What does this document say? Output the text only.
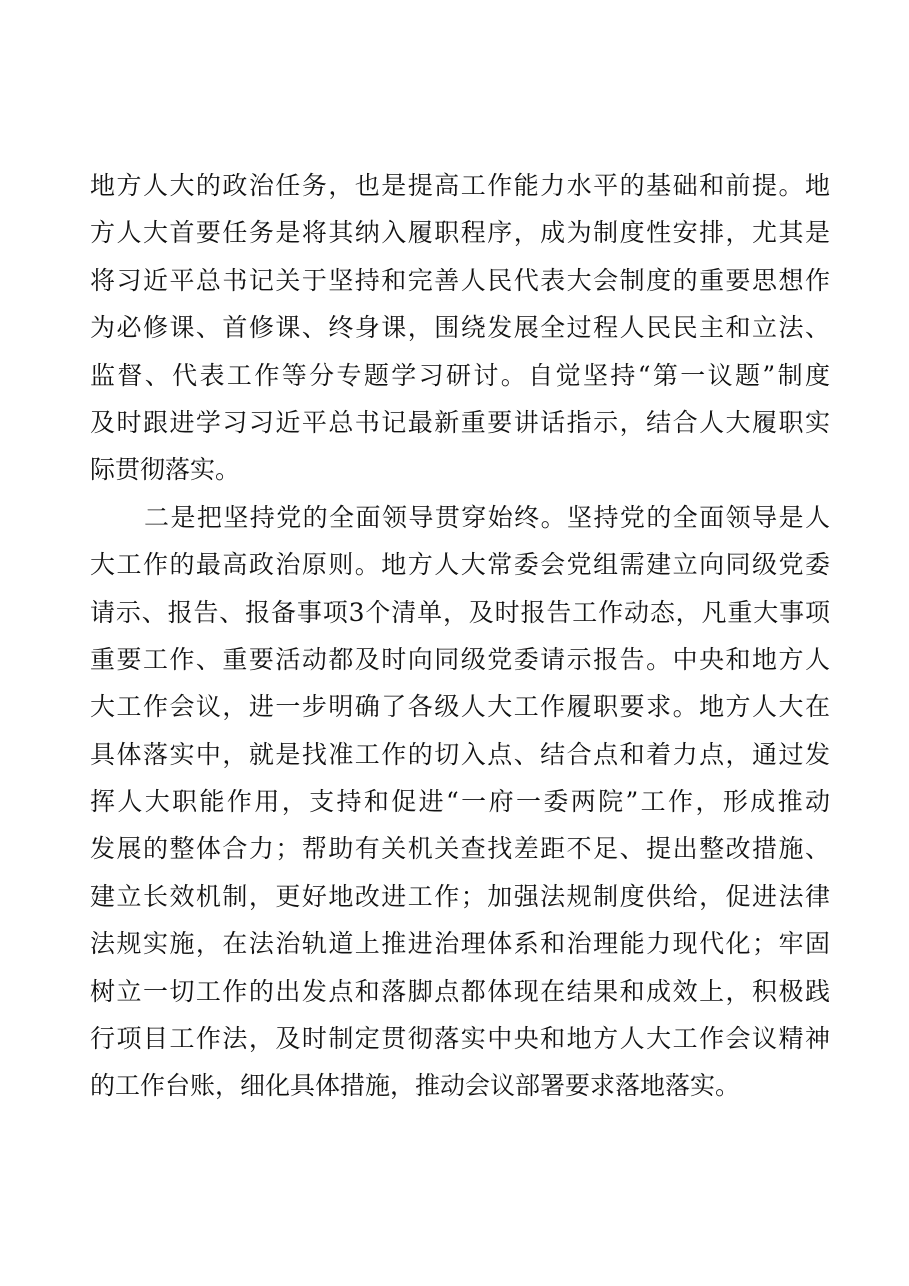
地方人大的政治任务，也是提高工作能力水平的基础和前提。地
方人大首要任务是将其纳入履职程序，成为制度性安排，尤其是
将习近平总书记关于坚持和完善人民代表大会制度的重要思想作
为必修课、首修课、终身课，围绕发展全过程人民民主和立法、
监督、代表工作等分专题学习研讨。自觉坚持“第一议题”制度
及时跟进学习习近平总书记最新重要讲话指示，结合人大履职实
际贯彻落实。
二是把坚持党的全面领导贯穿始终。坚持党的全面领导是人
大工作的最高政治原则。地方人大常委会党组需建立向同级党委
请示、报告、报备事项3个清单，及时报告工作动态，凡重大事项
重要工作、重要活动都及时向同级党委请示报告。中央和地方人
大工作会议，进一步明确了各级人大工作履职要求。地方人大在
具体落实中，就是找准工作的切入点、结合点和着力点，通过发
挥人大职能作用，支持和促进“一府一委两院”工作，形成推动
发展的整体合力；帮助有关机关查找差距不足、提出整改措施、
建立长效机制，更好地改进工作；加强法规制度供给，促进法律
法规实施，在法治轨道上推进治理体系和治理能力现代化；牢固
树立一切工作的出发点和落脚点都体现在结果和成效上，积极践
行项目工作法，及时制定贯彻落实中央和地方人大工作会议精神
的工作台账，细化具体措施，推动会议部署要求落地落实。
